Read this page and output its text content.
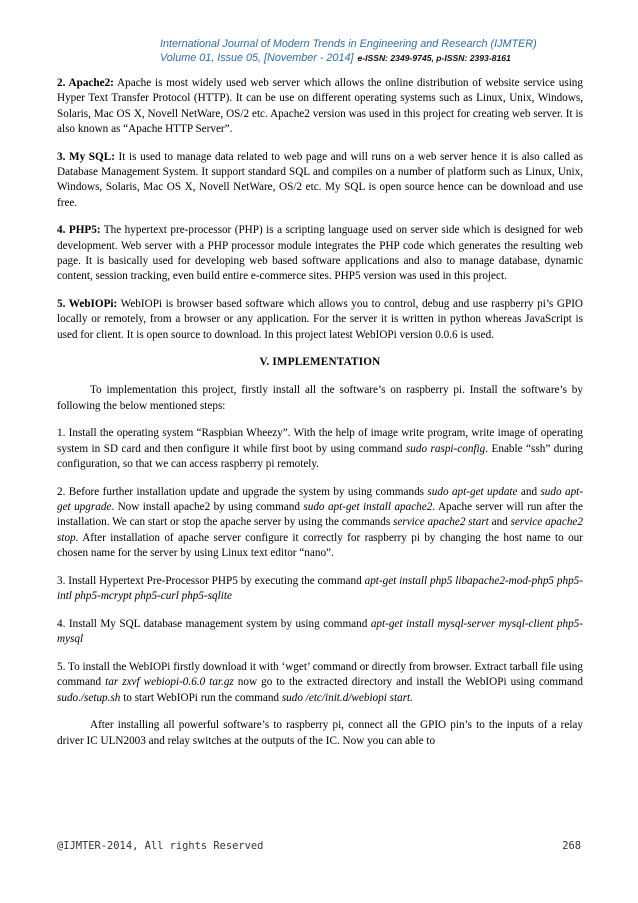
International Journal of Modern Trends in Engineering and Research (IJMTER)
Volume 01, Issue 05, [November - 2014] e-ISSN: 2349-9745, p-ISSN: 2393-8161

2. Apache2: Apache is most widely used web server which allows the online distribution of website service using Hyper Text Transfer Protocol (HTTP). It can be use on different operating systems such as Linux, Unix, Windows, Solaris, Mac OS X, Novell NetWare, OS/2 etc. Apache2 version was used in this project for creating web server. It is also known as “Apache HTTP Server”.

3. My SQL: It is used to manage data related to web page and will runs on a web server hence it is also called as Database Management System. It support standard SQL and compiles on a number of platform such as Linux, Unix, Windows, Solaris, Mac OS X, Novell NetWare, OS/2 etc. My SQL is open source hence can be download and use free.

4. PHP5: The hypertext pre-processor (PHP) is a scripting language used on server side which is designed for web development. Web server with a PHP processor module integrates the PHP code which generates the resulting web page. It is basically used for developing web based software applications and also to manage database, dynamic content, session tracking, even build entire e-commerce sites. PHP5 version was used in this project.

5. WebIOPi: WebIOPi is browser based software which allows you to control, debug and use raspberry pi’s GPIO locally or remotely, from a browser or any application. For the server it is written in python whereas JavaScript is used for client. It is open source to download. In this project latest WebIOPi version 0.0.6 is used.

V. IMPLEMENTATION

To implementation this project, firstly install all the software’s on raspberry pi. Install the software’s by following the below mentioned steps:

1. Install the operating system “Raspbian Wheezy”. With the help of image write program, write image of operating system in SD card and then configure it while first boot by using command sudo raspi-config. Enable “ssh” during configuration, so that we can access raspberry pi remotely.

2. Before further installation update and upgrade the system by using commands sudo apt-get update and sudo apt-get upgrade. Now install apache2 by using command sudo apt-get install apache2. Apache server will run after the installation. We can start or stop the apache server by using the commands service apache2 start and service apache2 stop. After installation of apache server configure it correctly for raspberry pi by changing the host name to our chosen name for the server by using Linux text editor “nano”.

3. Install Hypertext Pre-Processor PHP5 by executing the command apt-get install php5 libapache2-mod-php5 php5-intl php5-mcrypt php5-curl php5-sqlite

4. Install My SQL database management system by using command apt-get install mysql-server mysql-client php5-mysql

5. To install the WebIOPi firstly download it with ‘wget’ command or directly from browser. Extract tarball file using command tar zxvf webiopi-0.6.0 tar.gz now go to the extracted directory and install the WebIOPi using command sudo./setup.sh to start WebIOPi run the command sudo /etc/init.d/webiopi start.

After installing all powerful software’s to raspberry pi, connect all the GPIO pin’s to the inputs of a relay driver IC ULN2003 and relay switches at the outputs of the IC. Now you can able to

@IJMTER-2014, All rights Reserved	268
